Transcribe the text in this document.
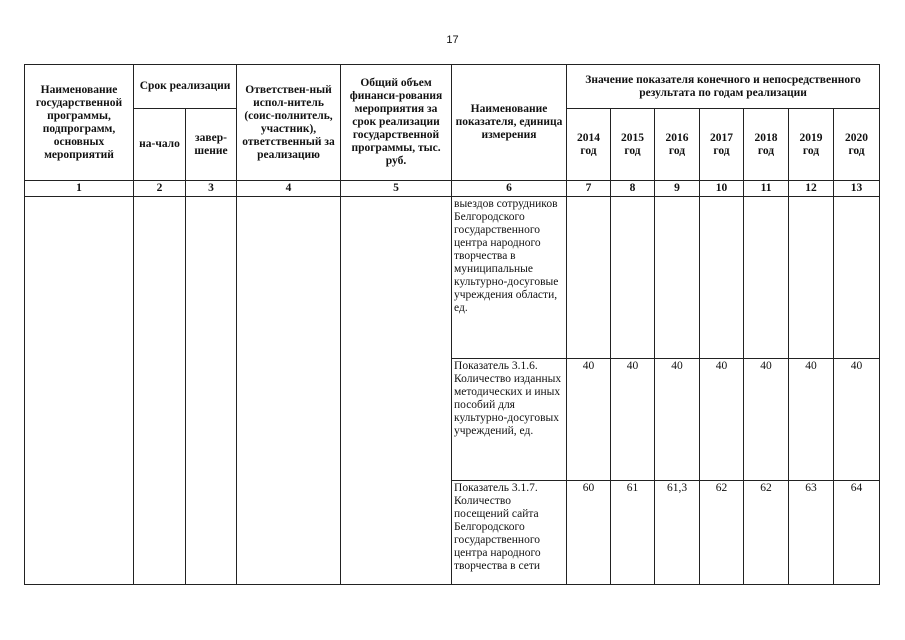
17
Наименование государственной программы, подпрограмм, основных мероприятий	Срок реализации		Ответствен-ный испол-нитель (соис-полнитель, участник), ответственный за реализацию	Общий объем финанси-рования мероприятия за срок реализации государственной программы, тыс. руб.	Наименование показателя, единица измерения	Значение показателя конечного и непосредственного результата по годам реализации						
	на-чало	завер-шение				2014 год	2015 год	2016 год	2017 год	2018 год	2019 год	2020 год
1	2	3	4	5	6	7	8	9	10	11	12	13
					выездов сотрудников Белгородского государственного центра народного творчества в муниципальные культурно-досуговые учреждения области, ед.							
					Показатель 3.1.6. Количество изданных методических и иных пособий для культурно-досуговых учреждений, ед.	40	40	40	40	40	40	40
					Показатель 3.1.7. Количество посещений сайта Белгородского государственного центра народного творчества в сети	60	61	61,3	62	62	63	64
